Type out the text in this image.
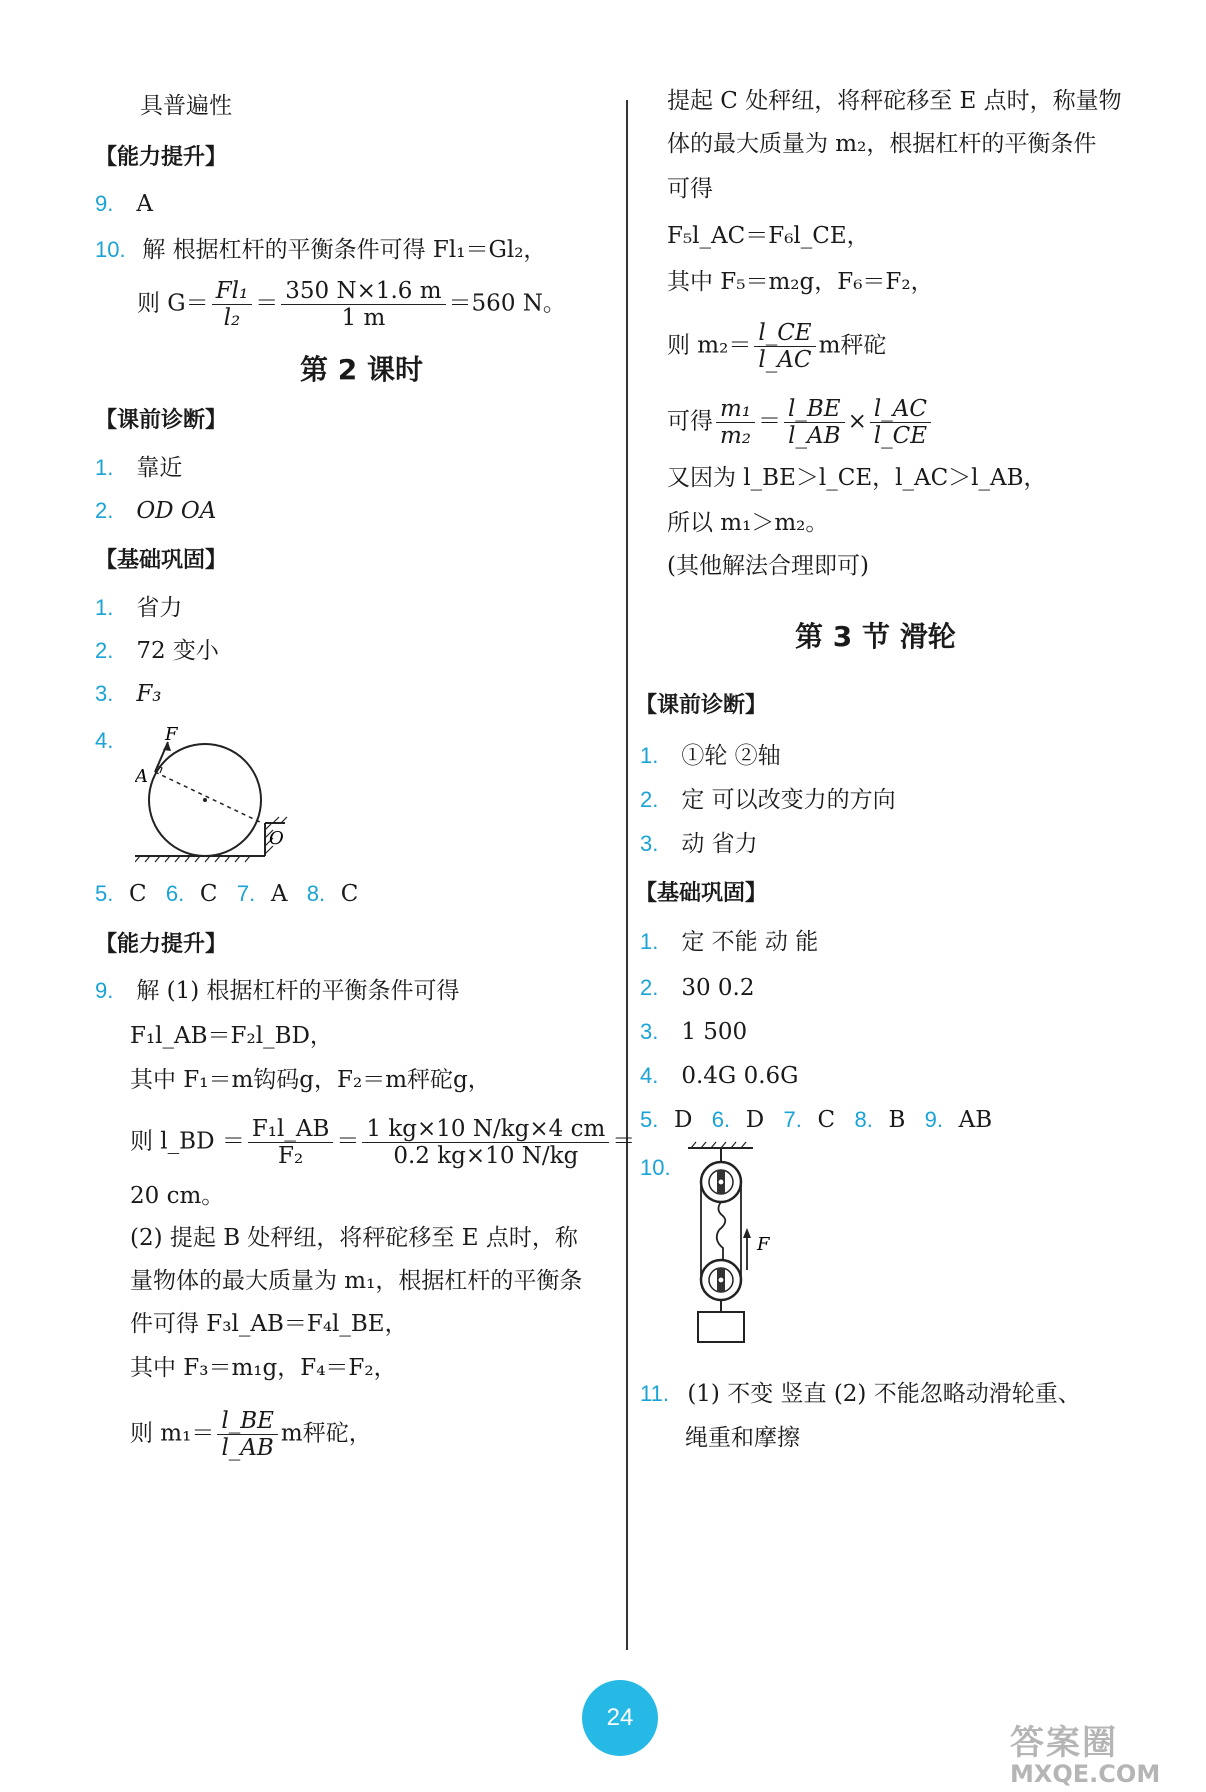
具普遍性
【能力提升】
9. A
10. 解 根据杠杆的平衡条件可得 Fl₁＝Gl₂，
则 $G= \frac{\text{Fl₁}}{\text{l₂}} = \frac{350 N\times 1.6 m}{1 m} =560$ N。
第 2 课时
【课前诊断】
1. 靠近
2. OD OA
【基础巩固】
1. 省力
2. 72 变小
3. F₃
4.	F
A
O
5. C 6. C 7. A 8. C
【能力提升】
9. 解 (1) 根据杠杆的平衡条件可得
F₁l_AB＝F₂l_BD，
其中 F₁＝m钩码g，F₂＝m秤砣g，
则 l_BD ＝ $\frac{\text{F₁l\_AB}}{\text{F₂}} = \frac{1 kg\times 10 N/kg\times 4 cm}{0.2 kg\times 10 N/kg}$ ＝
20 cm。
(2) 提起 B 处秤纽，将秤砣移至 E 点时，称
量物体的最大质量为 m₁，根据杠杆的平衡条
件可得 F₃l_AB＝F₄l_BE，
其中 F₃＝m₁g，F₄＝F₂，
则 $m_1= \frac{l\_BE}{l\_AB}$ m秤砣，
提起 C 处秤纽，将秤砣移至 E 点时，称量物
体的最大质量为 m₂，根据杠杆的平衡条件
可得
F₅l_AC＝F₆l_CE，
其中 F₅＝m₂g，F₆＝F₂，
则 $m_2= \frac{l\_CE}{l\_AC}$ m秤砣
可得 $\frac{\text{m₁}}{\text{m₂}} = \frac{l\_BE}{l\_AB} \times \frac{l\_AC}{l\_CE}$
又因为 l_BE＞l_CE，l_AC＞l_AB，
所以 m₁＞m₂。
(其他解法合理即可)
第 3 节 滑轮
【课前诊断】
1. ①轮 ②轴
2. 定 可以改变力的方向
3. 动 省力
【基础巩固】
1. 定 不能 动 能
2. 30 0.2
3. 1 500
4. 0.4G 0.6G
5. D 6. D 7. C 8. B 9. AB
10.
F
11. (1) 不变 竖直 (2) 不能忽略动滑轮重、
绳重和摩擦
24
答案圈
MXQE.COM
